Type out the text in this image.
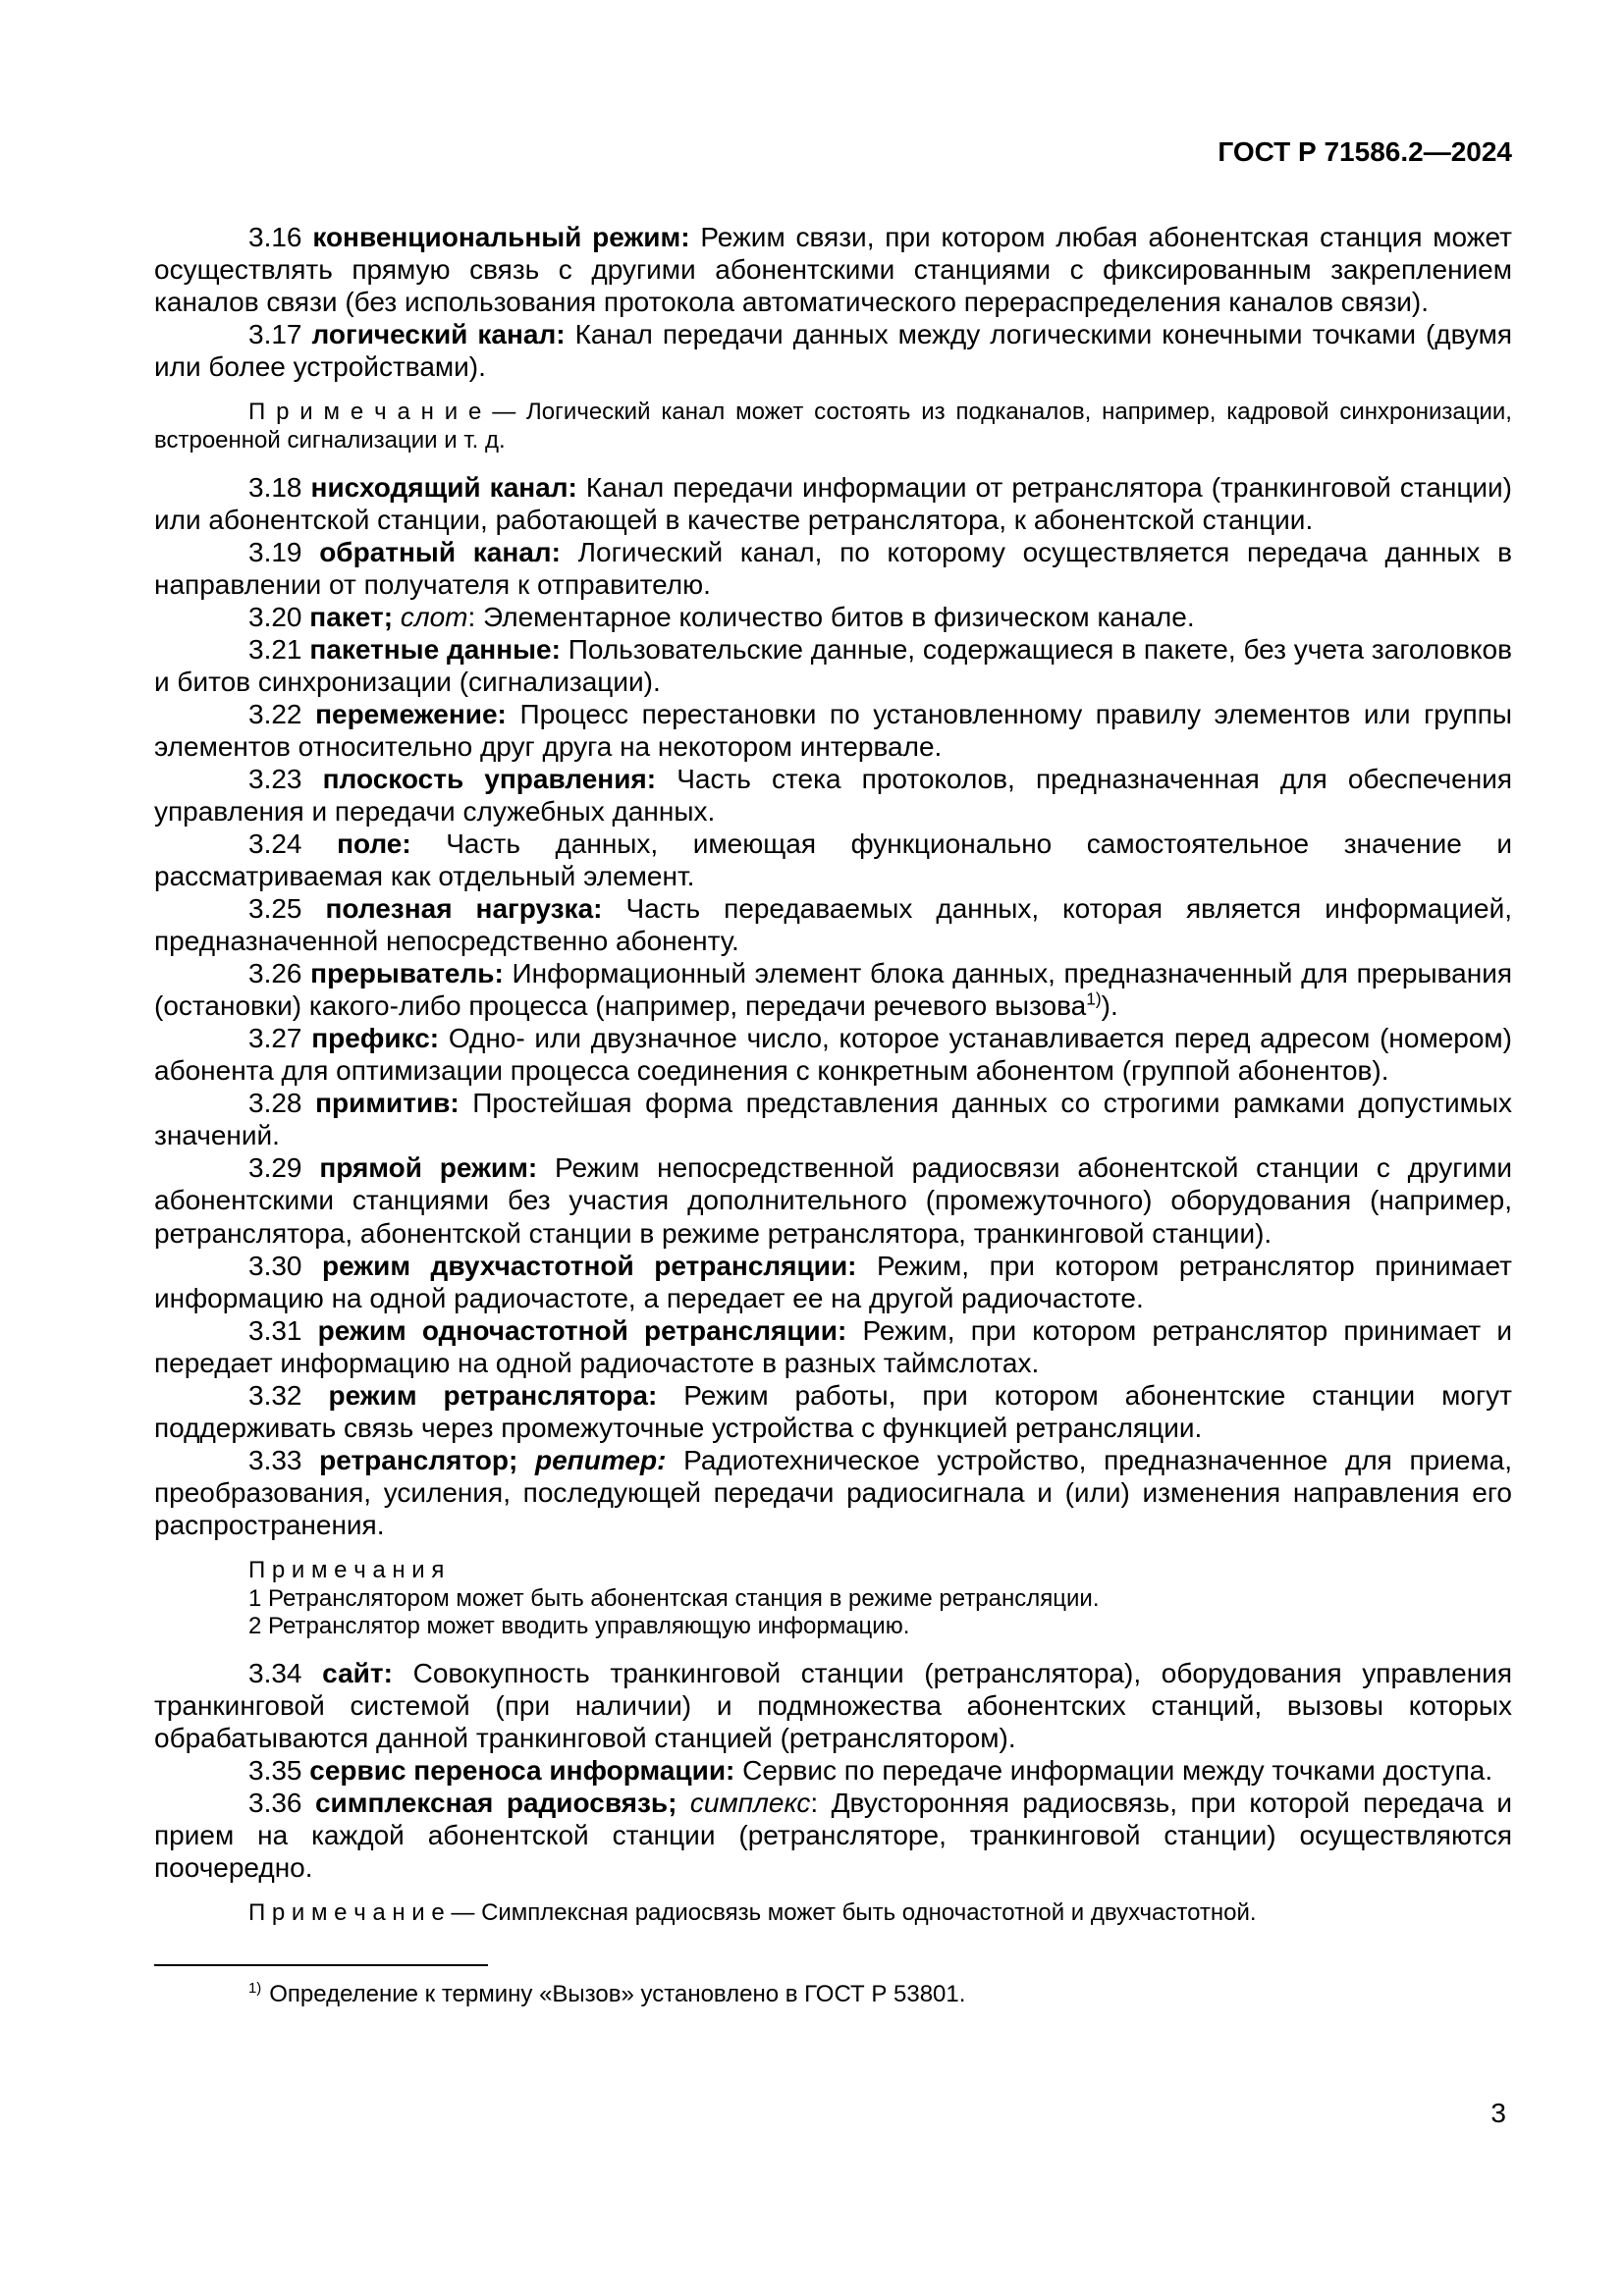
ГОСТ Р 71586.2—2024

3.16 конвенциональный режим: Режим связи, при котором любая абонентская станция может осуществлять прямую связь с другими абонентскими станциями с фиксированным закреплением каналов связи (без использования протокола автоматического перераспределения каналов связи).

3.17 логический канал: Канал передачи данных между логическими конечными точками (двумя или более устройствами).

П р и м е ч а н и е — Логический канал может состоять из подканалов, например, кадровой синхронизации, встроенной сигнализации и т. д.

3.18 нисходящий канал: Канал передачи информации от ретранслятора (транкинговой станции) или абонентской станции, работающей в качестве ретранслятора, к абонентской станции.

3.19 обратный канал: Логический канал, по которому осуществляется передача данных в направлении от получателя к отправителю.

3.20 пакет; слот: Элементарное количество битов в физическом канале.

3.21 пакетные данные: Пользовательские данные, содержащиеся в пакете, без учета заголовков и битов синхронизации (сигнализации).

3.22 перемежение: Процесс перестановки по установленному правилу элементов или группы элементов относительно друг друга на некотором интервале.

3.23 плоскость управления: Часть стека протоколов, предназначенная для обеспечения управления и передачи служебных данных.

3.24 поле: Часть данных, имеющая функционально самостоятельное значение и рассматриваемая как отдельный элемент.

3.25 полезная нагрузка: Часть передаваемых данных, которая является информацией, предназначенной непосредственно абоненту.

3.26 прерыватель: Информационный элемент блока данных, предназначенный для прерывания (остановки) какого-либо процесса (например, передачи речевого вызова$^{1)}$).

3.27 префикс: Одно- или двузначное число, которое устанавливается перед адресом (номером) абонента для оптимизации процесса соединения с конкретным абонентом (группой абонентов).

3.28 примитив: Простейшая форма представления данных со строгими рамками допустимых значений.

3.29 прямой режим: Режим непосредственной радиосвязи абонентской станции с другими абонентскими станциями без участия дополнительного (промежуточного) оборудования (например, ретранслятора, абонентской станции в режиме ретранслятора, транкинговой станции).

3.30 режим двухчастотной ретрансляции: Режим, при котором ретранслятор принимает информацию на одной радиочастоте, а передает ее на другой радиочастоте.

3.31 режим одночастотной ретрансляции: Режим, при котором ретранслятор принимает и передает информацию на одной радиочастоте в разных таймслотах.

3.32 режим ретранслятора: Режим работы, при котором абонентские станции могут поддерживать связь через промежуточные устройства с функцией ретрансляции.

3.33 ретранслятор; репитер: Радиотехническое устройство, предназначенное для приема, преобразования, усиления, последующей передачи радиосигнала и (или) изменения направления его распространения.

П р и м е ч а н и я

1 Ретранслятором может быть абонентская станция в режиме ретрансляции.

2 Ретранслятор может вводить управляющую информацию.

3.34 сайт: Совокупность транкинговой станции (ретранслятора), оборудования управления транкинговой системой (при наличии) и подмножества абонентских станций, вызовы которых обрабатываются данной транкинговой станцией (ретранслятором).

3.35 сервис переноса информации: Сервис по передаче информации между точками доступа.

3.36 симплексная радиосвязь; симплекс: Двусторонняя радиосвязь, при которой передача и прием на каждой абонентской станции (ретрансляторе, транкинговой станции) осуществляются поочередно.

П р и м е ч а н и е — Симплексная радиосвязь может быть одночастотной и двухчастотной.

$^{1)}$ Определение к термину «Вызов» установлено в ГОСТ Р 53801.

3
